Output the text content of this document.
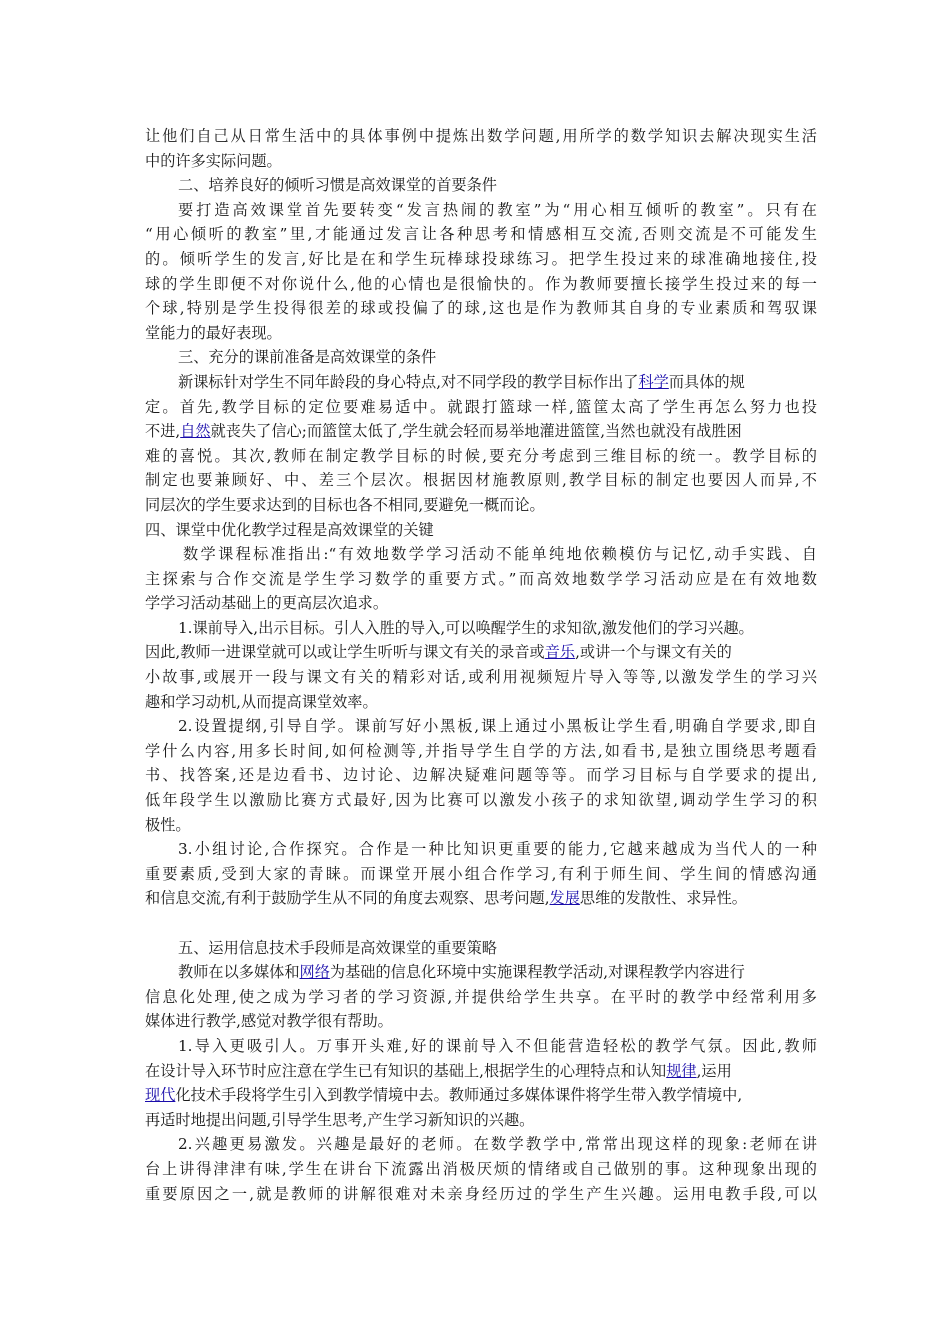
让他们自己从日常生活中的具体事例中提炼出数学问题,用所学的数学知识去解决现实生活
中的许多实际问题。
二、培养良好的倾听习惯是高效课堂的首要条件
要打造高效课堂首先要转变“发言热闹的教室”为“用心相互倾听的教室”。只有在
“用心倾听的教室”里,才能通过发言让各种思考和情感相互交流,否则交流是不可能发生
的。倾听学生的发言,好比是在和学生玩棒球投球练习。把学生投过来的球准确地接住,投
球的学生即便不对你说什么,他的心情也是很愉快的。作为教师要擅长接学生投过来的每一
个球,特别是学生投得很差的球或投偏了的球,这也是作为教师其自身的专业素质和驾驭课
堂能力的最好表现。
三、充分的课前准备是高效课堂的条件
新课标针对学生不同年龄段的身心特点,对不同学段的教学目标作出了科学而具体的规
定。首先,教学目标的定位要难易适中。就跟打篮球一样,篮筐太高了学生再怎么努力也投
不进,自然就丧失了信心;而篮筐太低了,学生就会轻而易举地灌进篮筐,当然也就没有战胜困
难的喜悦。其次,教师在制定教学目标的时候,要充分考虑到三维目标的统一。教学目标的
制定也要兼顾好、中、差三个层次。根据因材施教原则,教学目标的制定也要因人而异,不
同层次的学生要求达到的目标也各不相同,要避免一概而论。
四、课堂中优化教学过程是高效课堂的关键
数学课程标准指出:“有效地数学学习活动不能单纯地依赖模仿与记忆,动手实践、自
主探索与合作交流是学生学习数学的重要方式。”而高效地数学学习活动应是在有效地数
学学习活动基础上的更高层次追求。
1.课前导入,出示目标。引人入胜的导入,可以唤醒学生的求知欲,激发他们的学习兴趣。
因此,教师一进课堂就可以或让学生听听与课文有关的录音或音乐,或讲一个与课文有关的
小故事,或展开一段与课文有关的精彩对话,或利用视频短片导入等等,以激发学生的学习兴
趣和学习动机,从而提高课堂效率。
2.设置提纲,引导自学。课前写好小黑板,课上通过小黑板让学生看,明确自学要求,即自
学什么内容,用多长时间,如何检测等,并指导学生自学的方法,如看书,是独立围绕思考题看
书、找答案,还是边看书、边讨论、边解决疑难问题等等。而学习目标与自学要求的提出,
低年段学生以激励比赛方式最好,因为比赛可以激发小孩子的求知欲望,调动学生学习的积
极性。
3.小组讨论,合作探究。合作是一种比知识更重要的能力,它越来越成为当代人的一种
重要素质,受到大家的青睐。而课堂开展小组合作学习,有利于师生间、学生间的情感沟通
和信息交流,有利于鼓励学生从不同的角度去观察、思考问题,发展思维的发散性、求异性。
五、运用信息技术手段师是高效课堂的重要策略
教师在以多媒体和网络为基础的信息化环境中实施课程教学活动,对课程教学内容进行
信息化处理,使之成为学习者的学习资源,并提供给学生共享。在平时的教学中经常利用多
媒体进行教学,感觉对教学很有帮助。
1.导入更吸引人。万事开头难,好的课前导入不但能营造轻松的教学气氛。因此,教师
在设计导入环节时应注意在学生已有知识的基础上,根据学生的心理特点和认知规律,运用
现代化技术手段将学生引入到教学情境中去。教师通过多媒体课件将学生带入教学情境中,
再适时地提出问题,引导学生思考,产生学习新知识的兴趣。
2.兴趣更易激发。兴趣是最好的老师。在数学教学中,常常出现这样的现象:老师在讲
台上讲得津津有味,学生在讲台下流露出消极厌烦的情绪或自己做别的事。这种现象出现的
重要原因之一,就是教师的讲解很难对未亲身经历过的学生产生兴趣。运用电教手段,可以
